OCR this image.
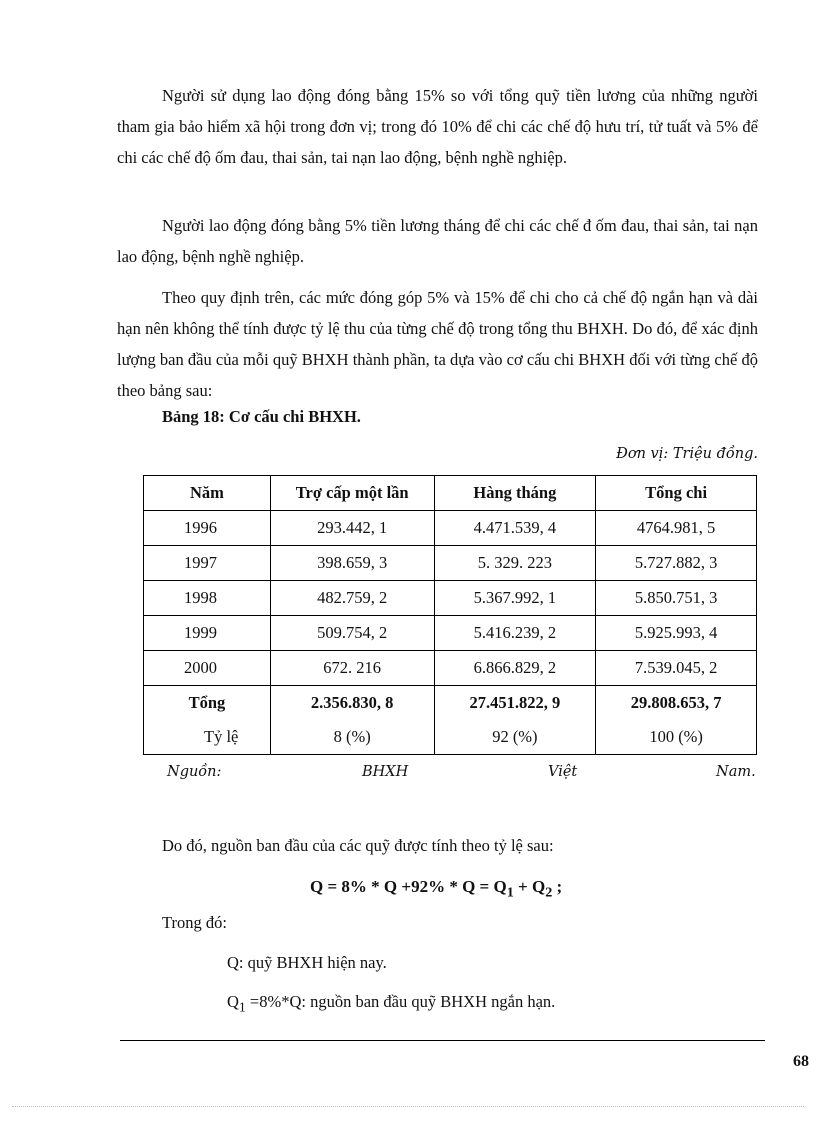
Người sử dụng lao động đóng bằng 15% so với tổng quỹ tiền lương của những người tham gia bảo hiểm xã hội trong đơn vị; trong đó 10% để chi các chế độ hưu trí, tử tuất và 5% để chi các chế độ ốm đau, thai sản, tai nạn lao động, bệnh nghề nghiệp.

Người lao động đóng bằng 5% tiền lương tháng để chi các chế đ ốm đau, thai sản, tai nạn lao động, bệnh nghề nghiệp.

Theo quy định trên, các mức đóng góp 5% và 15% để chi cho cả chế độ ngắn hạn và dài hạn nên không thể tính được tỷ lệ thu của từng chế độ trong tổng thu BHXH. Do đó, để xác định lượng ban đầu của mỗi quỹ BHXH thành phần, ta dựa vào cơ cấu chi BHXH đối với từng chế độ theo bảng sau:

Bảng 18: Cơ cấu chi BHXH.
Đơn vị: Triệu đồng.
Năm	Trợ cấp một lần	Hàng tháng	Tổng chi
1996	293.442, 1	4.471.539, 4	4764.981, 5
1997	398.659, 3	5. 329. 223	5.727.882, 3
1998	482.759, 2	5.367.992, 1	5.850.751, 3
1999	509.754, 2	5.416.239, 2	5.925.993, 4
2000	672. 216	6.866.829, 2	7.539.045, 2
Tổng	2.356.830, 8	27.451.822, 9	29.808.653, 7
Tỷ lệ	8 (%)	92 (%)	100 (%)
Nguồn:	BHXH	Việt	Nam.
Do đó, nguồn ban đầu của các quỹ được tính theo tỷ lệ sau:
$Q = 8\% * Q +92\% * Q = Q_1 + Q_2$ ;
Trong đó:
Q: quỹ BHXH hiện nay.
$Q_1 =8\%*Q$: nguồn ban đầu quỹ BHXH ngắn hạn.
68
